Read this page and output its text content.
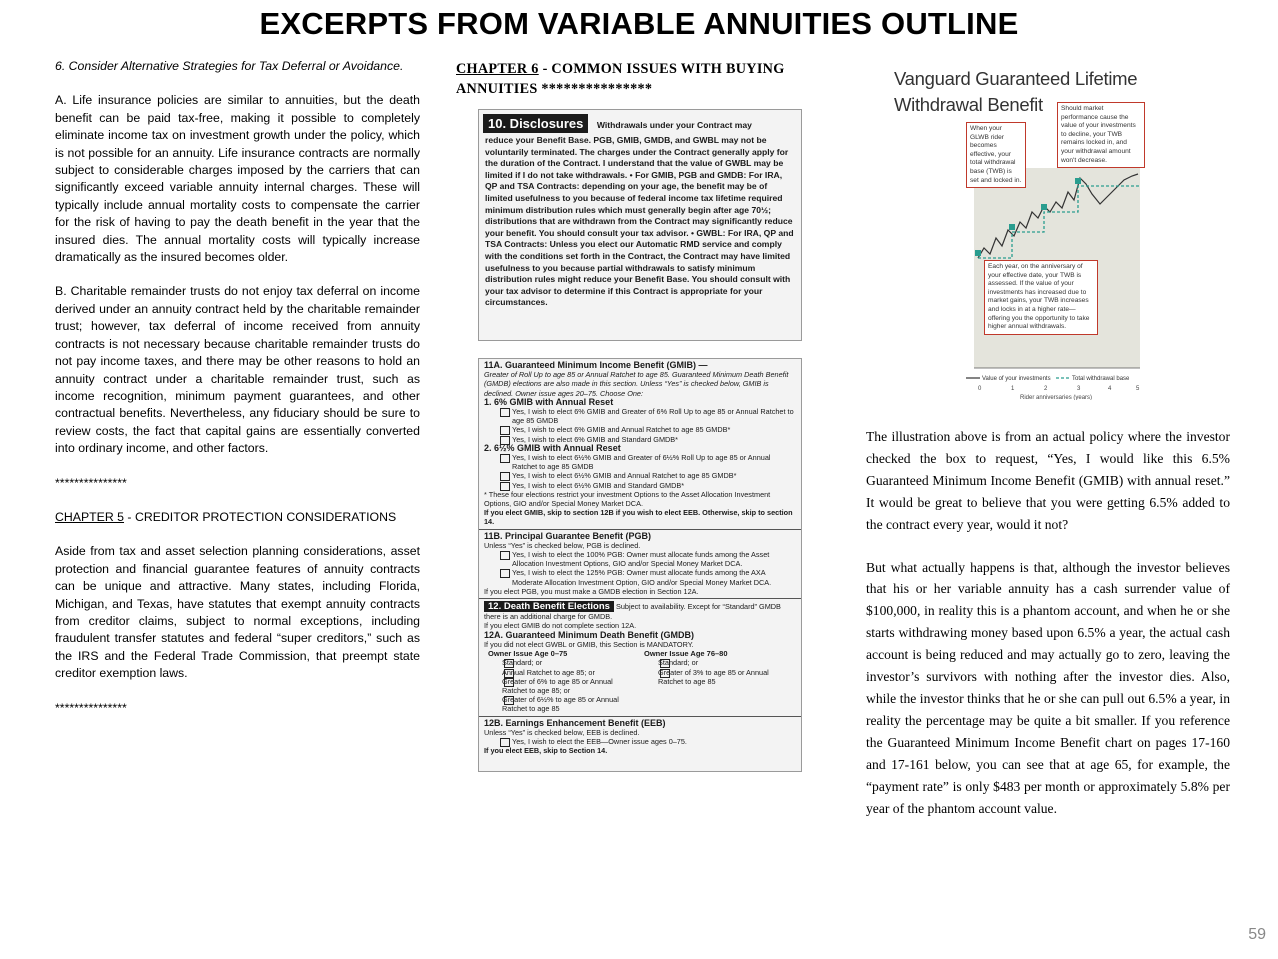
EXCERPTS FROM VARIABLE ANNUITIES OUTLINE

6. Consider Alternative Strategies for Tax Deferral or Avoidance.

A. Life insurance policies are similar to annuities, but the death benefit can be paid tax-free, making it possible to completely eliminate income tax on investment growth under the policy, which is not possible for an annuity. Life insurance contracts are normally subject to considerable charges imposed by the carriers that can significantly exceed variable annuity internal charges. These will typically include annual mortality costs to compensate the carrier for the risk of having to pay the death benefit in the year that the insured dies. The annual mortality costs will typically increase dramatically as the insured becomes older.

B. Charitable remainder trusts do not enjoy tax deferral on income derived under an annuity contract held by the charitable remainder trust; however, tax deferral of income received from annuity contracts is not necessary because charitable remainder trusts do not pay income taxes, and there may be other reasons to hold an annuity contract under a charitable remainder trust, such as income recognition, minimum payment guarantees, and other contractual benefits. Nevertheless, any fiduciary should be sure to review costs, the fact that capital gains are essentially converted into ordinary income, and other factors.

***************

CHAPTER 5 - CREDITOR PROTECTION CONSIDERATIONS

Aside from tax and asset selection planning considerations, asset protection and financial guarantee features of annuity contracts can be unique and attractive. Many states, including Florida, Michigan, and Texas, have statutes that exempt annuity contracts from creditor claims, subject to normal exceptions, including fraudulent transfer statutes and federal “super creditors,” such as the IRS and the Federal Trade Commission, that preempt state creditor exemption laws.

***************

CHAPTER 6 - COMMON ISSUES WITH BUYING ANNUITIES ***************
10. Disclosures Withdrawals under your Contract may
reduce your Benefit Base. PGB, GMIB, GMDB, and GWBL may not be voluntarily terminated. The charges under the Contract generally apply for the duration of the Contract. I understand that the value of GWBL may be limited if I do not take withdrawals. • For GMIB, PGB and GMDB: For IRA, QP and TSA Contracts: depending on your age, the benefit may be of limited usefulness to you because of federal income tax lifetime required minimum distribution rules which must generally begin after age 70½; distributions that are withdrawn from the Contract may significantly reduce your benefit. You should consult your tax advisor. • GWBL: For IRA, QP and TSA Contracts: Unless you elect our Automatic RMD service and comply with the conditions set forth in the Contract, the Contract may have limited usefulness to you because partial withdrawals to satisfy minimum distribution rules might reduce your Benefit Base. You should consult with your tax advisor to determine if this Contract is appropriate for your circumstances.
11A. Guaranteed Minimum Income Benefit (GMIB) —
Greater of Roll Up to age 85 or Annual Ratchet to age 85. Guaranteed Minimum Death Benefit (GMDB) elections are also made in this section. Unless “Yes” is checked below, GMIB is declined. Owner issue ages 20–75. Choose One:
1. 6% GMIB with Annual Reset
Yes, I wish to elect 6% GMIB and Greater of 6% Roll Up to age 85 or Annual Ratchet to age 85 GMDB
Yes, I wish to elect 6% GMIB and Annual Ratchet to age 85 GMDB*
Yes, I wish to elect 6% GMIB and Standard GMDB*
2. 6½% GMIB with Annual Reset
Yes, I wish to elect 6½% GMIB and Greater of 6½% Roll Up to age 85 or Annual Ratchet to age 85 GMDB
Yes, I wish to elect 6½% GMIB and Annual Ratchet to age 85 GMDB*
Yes, I wish to elect 6½% GMIB and Standard GMDB*
* These four elections restrict your investment Options to the Asset Allocation Investment Options, GIO and/or Special Money Market DCA.
If you elect GMIB, skip to section 12B if you wish to elect EEB. Otherwise, skip to section 14.
11B. Principal Guarantee Benefit (PGB)
Unless “Yes” is checked below, PGB is declined.
Yes, I wish to elect the 100% PGB: Owner must allocate funds among the Asset Allocation Investment Options, GIO and/or Special Money Market DCA.
Yes, I wish to elect the 125% PGB: Owner must allocate funds among the AXA Moderate Allocation Investment Option, GIO and/or Special Money Market DCA.
If you elect PGB, you must make a GMDB election in Section 12A.
12. Death Benefit Elections Subject to availability. Except for “Standard” GMDB there is an additional charge for GMDB.
If you elect GMIB do not complete section 12A.
12A. Guaranteed Minimum Death Benefit (GMDB)
If you did not elect GWBL or GMIB, this Section is MANDATORY.
Owner Issue Age 0–75
Standard; or
Annual Ratchet to age 85; or
Greater of 6% to age 85 or Annual Ratchet to age 85; or
Greater of 6½% to age 85 or Annual Ratchet to age 85
Owner Issue Age 76–80
Standard; or
Greater of 3% to age 85 or Annual Ratchet to age 85
12B. Earnings Enhancement Benefit (EEB)
Unless “Yes” is checked below, EEB is declined.
Yes, I wish to elect the EEB—Owner issue ages 0–75.
If you elect EEB, skip to Section 14.
Vanguard Guaranteed Lifetime
Withdrawal Benefit
Value of your investments	Total withdrawal base
0	1	2	3	4	5
Rider anniversaries (years)
When your GLWB rider becomes effective, your total withdrawal base (TWB) is set and locked in.
Should market performance cause the value of your investments to decline, your TWB remains locked in, and your withdrawal amount won't decrease.
Each year, on the anniversary of your effective date, your TWB is assessed. If the value of your investments has increased due to market gains, your TWB increases and locks in at a higher rate—offering you the opportunity to take higher annual withdrawals.

The illustration above is from an actual policy where the investor checked the box to request, “Yes, I would like this 6.5% Guaranteed Minimum Income Benefit (GMIB) with annual reset.” It would be great to believe that you were getting 6.5% added to the contract every year, would it not?

But what actually happens is that, although the investor believes that his or her variable annuity has a cash surrender value of $100,000, in reality this is a phantom account, and when he or she starts withdrawing money based upon 6.5% a year, the actual cash account is being reduced and may actually go to zero, leaving the investor’s survivors with nothing after the investor dies. Also, while the investor thinks that he or she can pull out 6.5% a year, in reality the percentage may be quite a bit smaller. If you reference the Guaranteed Minimum Income Benefit chart on pages 17-160 and 17-161 below, you can see that at age 65, for example, the “payment rate” is only $483 per month or approximately 5.8% per year of the phantom account value.

59
